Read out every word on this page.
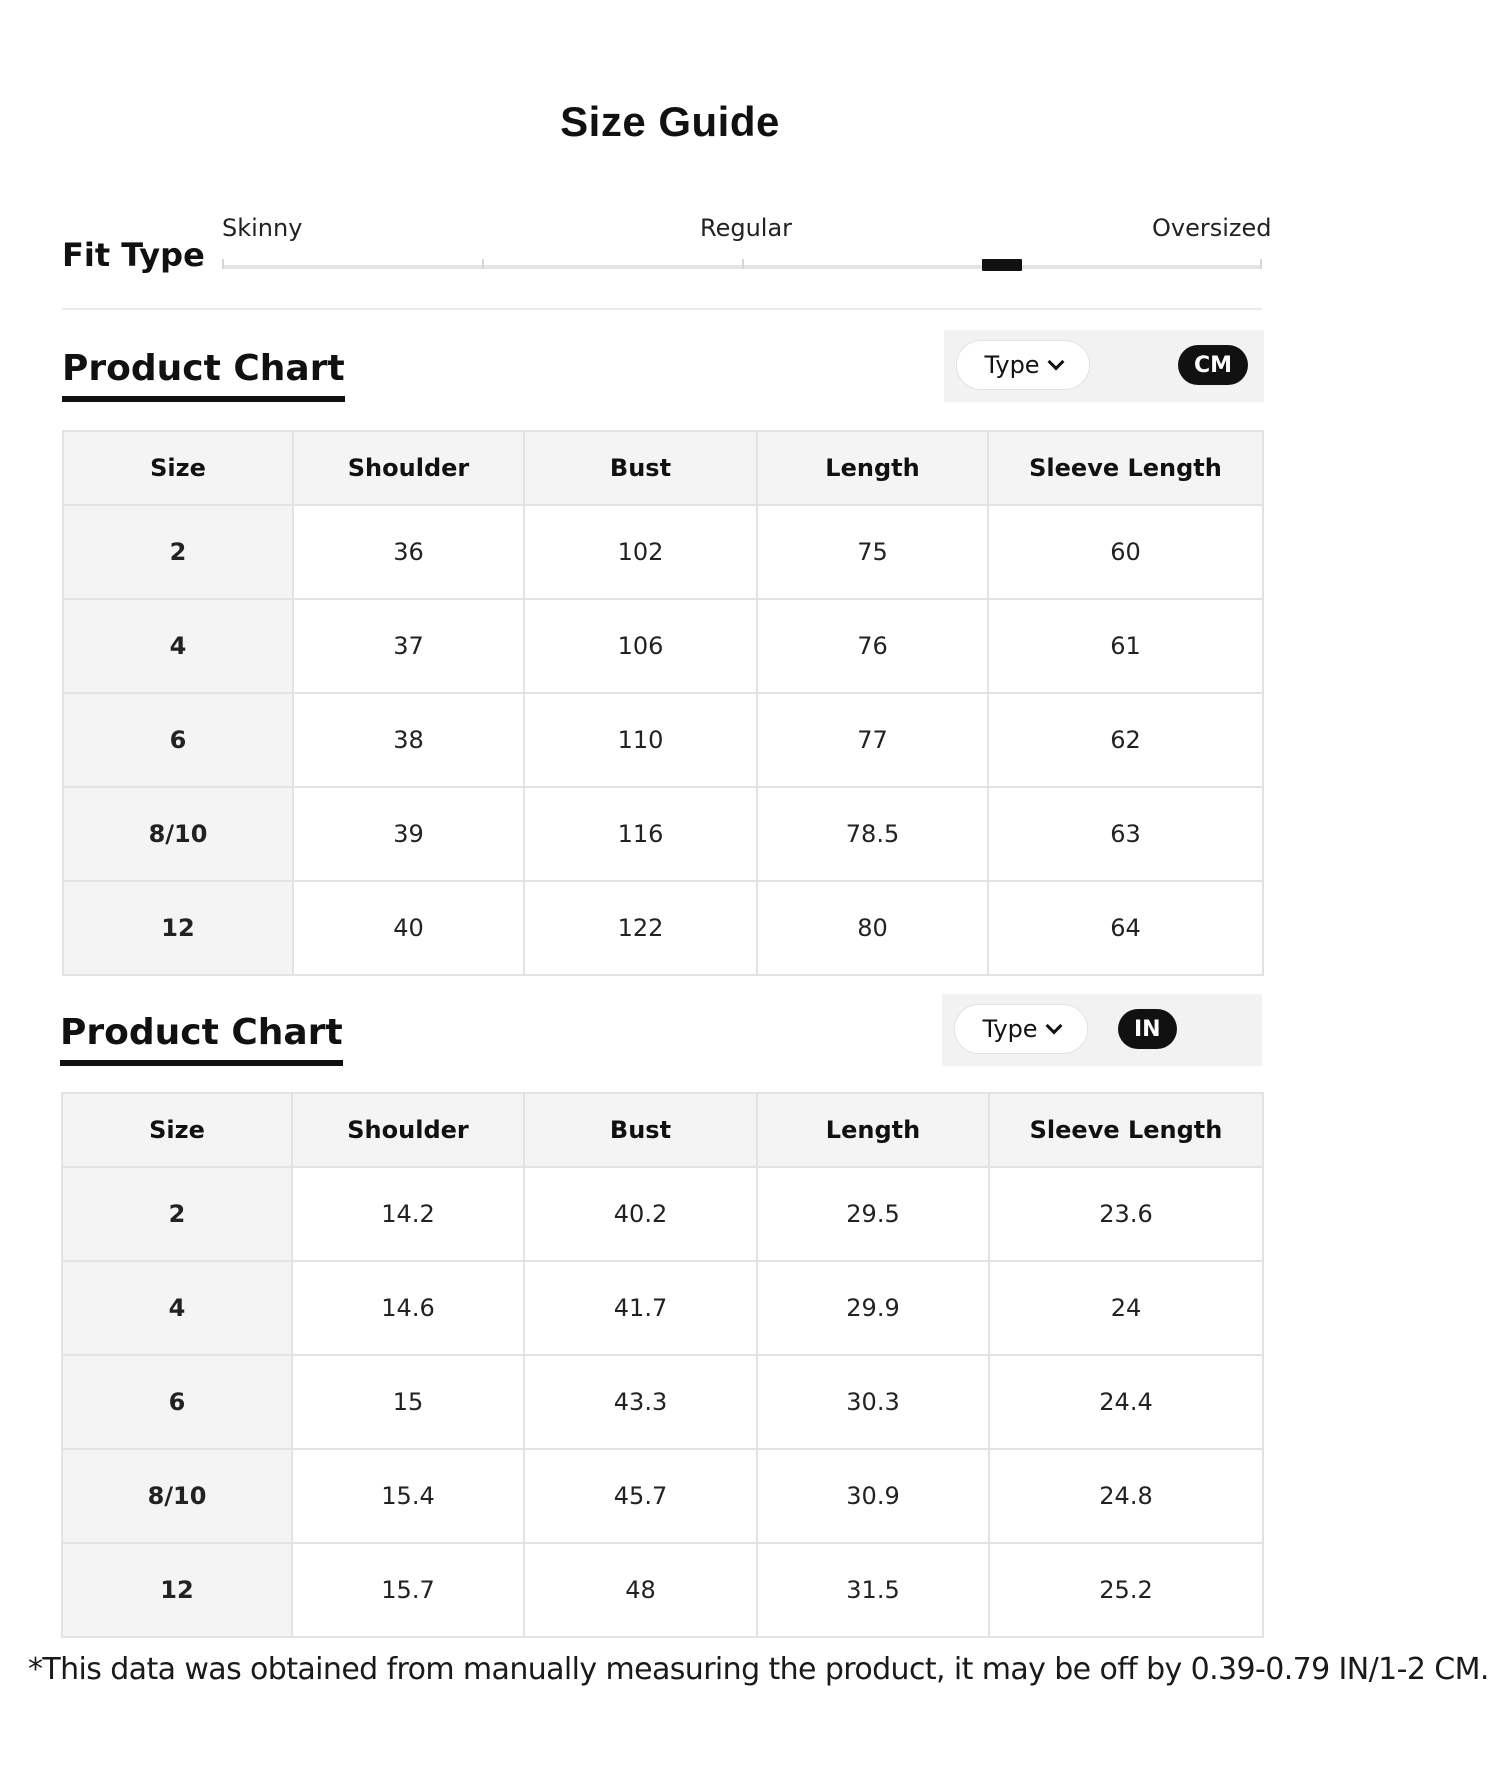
Size Guide
Fit Type
Skinny	Regular	Oversized
Product Chart	Type	CM
Size	Shoulder	Bust	Length	Sleeve Length
2	36	102	75	60
4	37	106	76	61
6	38	110	77	62
8/10	39	116	78.5	63
12	40	122	80	64
Product Chart	Type	IN
Size	Shoulder	Bust	Length	Sleeve Length
2	14.2	40.2	29.5	23.6
4	14.6	41.7	29.9	24
6	15	43.3	30.3	24.4
8/10	15.4	45.7	30.9	24.8
12	15.7	48	31.5	25.2
*This data was obtained from manually measuring the product, it may be off by 0.39-0.79 IN/1-2 CM.
